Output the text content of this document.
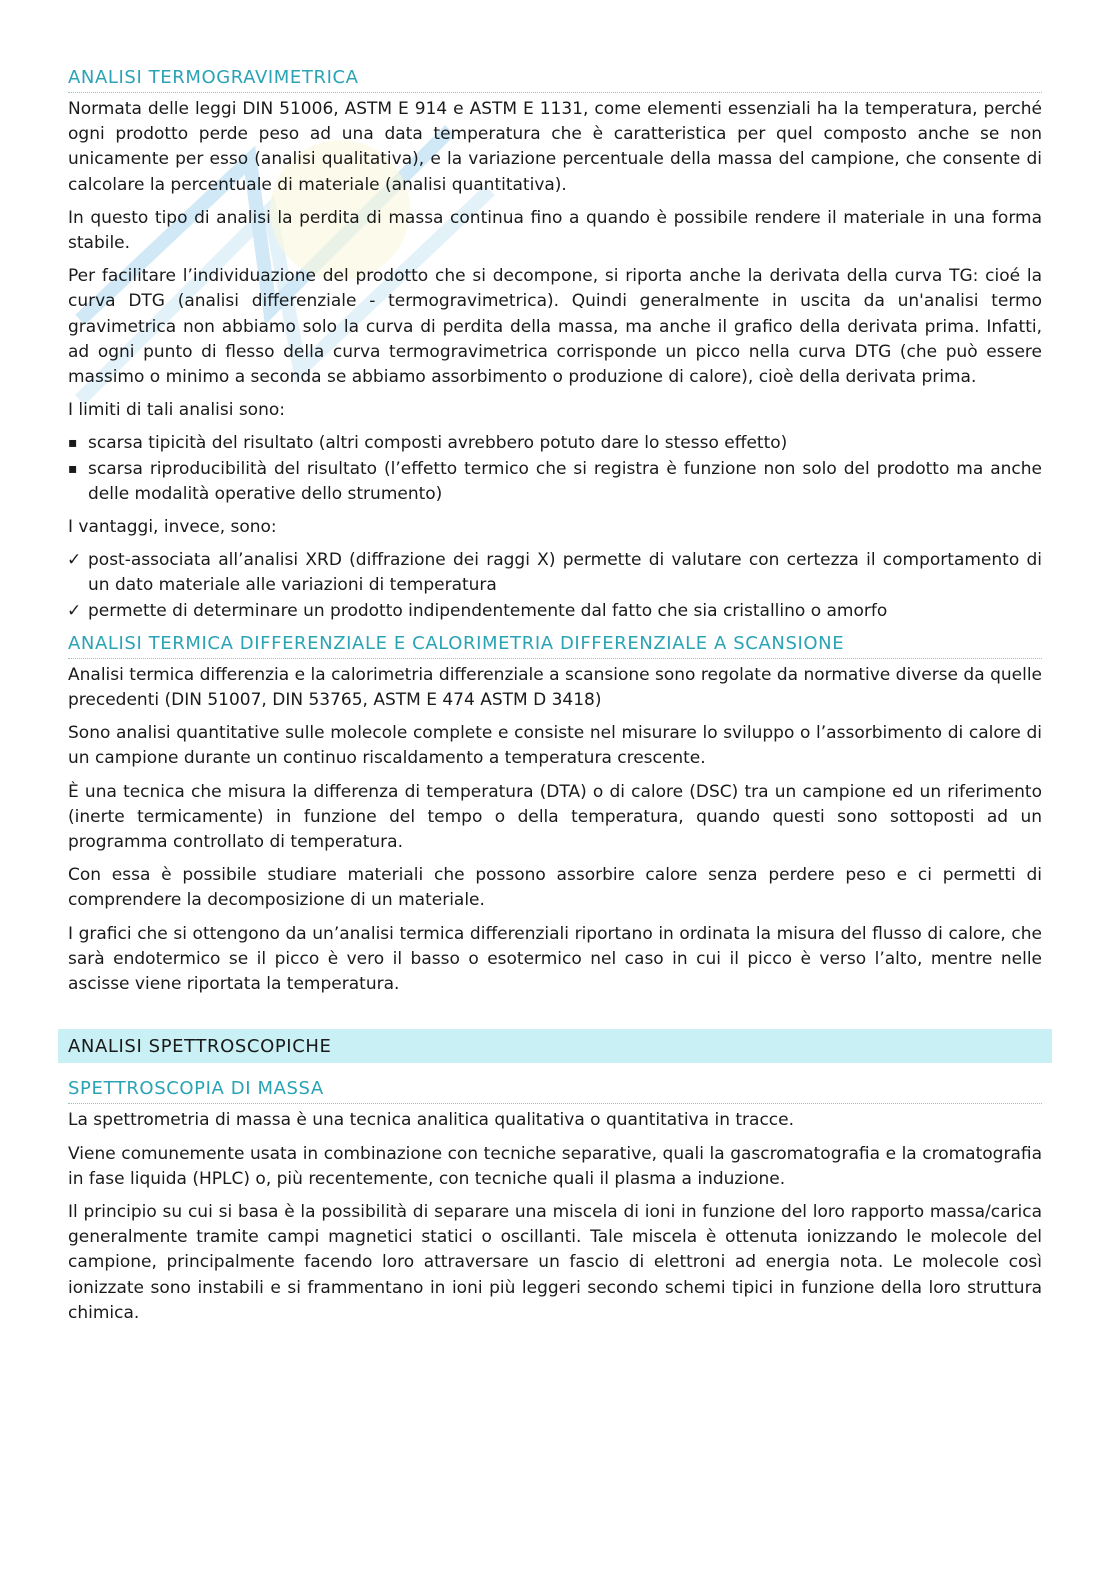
ANALISI TERMOGRAVIMETRICA

Normata delle leggi DIN 51006, ASTM E 914 e ASTM E 1131, come elementi essenziali ha la temperatura, perché ogni prodotto perde peso ad una data temperatura che è caratteristica per quel composto anche se non unicamente per esso (analisi qualitativa), e la variazione percentuale della massa del campione, che consente di calcolare la percentuale di materiale (analisi quantitativa).

In questo tipo di analisi la perdita di massa continua fino a quando è possibile rendere il materiale in una forma stabile.

Per facilitare l’individuazione del prodotto che si decompone, si riporta anche la derivata della curva TG: cioé la curva DTG (analisi differenziale - termogravimetrica). Quindi generalmente in uscita da un'analisi termo gravimetrica non abbiamo solo la curva di perdita della massa, ma anche il grafico della derivata prima. Infatti, ad ogni punto di flesso della curva termogravimetrica corrisponde un picco nella curva DTG (che può essere massimo o minimo a seconda se abbiamo assorbimento o produzione di calore), cioè della derivata prima.

I limiti di tali analisi sono:

▪ scarsa tipicità del risultato (altri composti avrebbero potuto dare lo stesso effetto)
▪ scarsa riproducibilità del risultato (l’effetto termico che si registra è funzione non solo del prodotto ma anche delle modalità operative dello strumento)

I vantaggi, invece, sono:

✓ post-associata all’analisi XRD (diffrazione dei raggi X) permette di valutare con certezza il comportamento di un dato materiale alle variazioni di temperatura
✓ permette di determinare un prodotto indipendentemente dal fatto che sia cristallino o amorfo
ANALISI TERMICA DIFFERENZIALE E CALORIMETRIA DIFFERENZIALE A SCANSIONE

Analisi termica differenzia e la calorimetria differenziale a scansione sono regolate da normative diverse da quelle precedenti (DIN 51007, DIN 53765, ASTM E 474 ASTM D 3418)

Sono analisi quantitative sulle molecole complete e consiste nel misurare lo sviluppo o l’assorbimento di calore di un campione durante un continuo riscaldamento a temperatura crescente.

È una tecnica che misura la differenza di temperatura (DTA) o di calore (DSC) tra un campione ed un riferimento (inerte termicamente) in funzione del tempo o della temperatura, quando questi sono sottoposti ad un programma controllato di temperatura.

Con essa è possibile studiare materiali che possono assorbire calore senza perdere peso e ci permetti di comprendere la decomposizione di un materiale.

I grafici che si ottengono da un’analisi termica differenziali riportano in ordinata la misura del flusso di calore, che sarà endotermico se il picco è vero il basso o esotermico nel caso in cui il picco è verso l’alto, mentre nelle ascisse viene riportata la temperatura.

ANALISI SPETTROSCOPICHE
SPETTROSCOPIA DI MASSA

La spettrometria di massa è una tecnica analitica qualitativa o quantitativa in tracce.

Viene comunemente usata in combinazione con tecniche separative, quali la gascromatografia e la cromatografia in fase liquida (HPLC) o, più recentemente, con tecniche quali il plasma a induzione.

Il principio su cui si basa è la possibilità di separare una miscela di ioni in funzione del loro rapporto massa/carica generalmente tramite campi magnetici statici o oscillanti. Tale miscela è ottenuta ionizzando le molecole del campione, principalmente facendo loro attraversare un fascio di elettroni ad energia nota. Le molecole così ionizzate sono instabili e si frammentano in ioni più leggeri secondo schemi tipici in funzione della loro struttura chimica.
